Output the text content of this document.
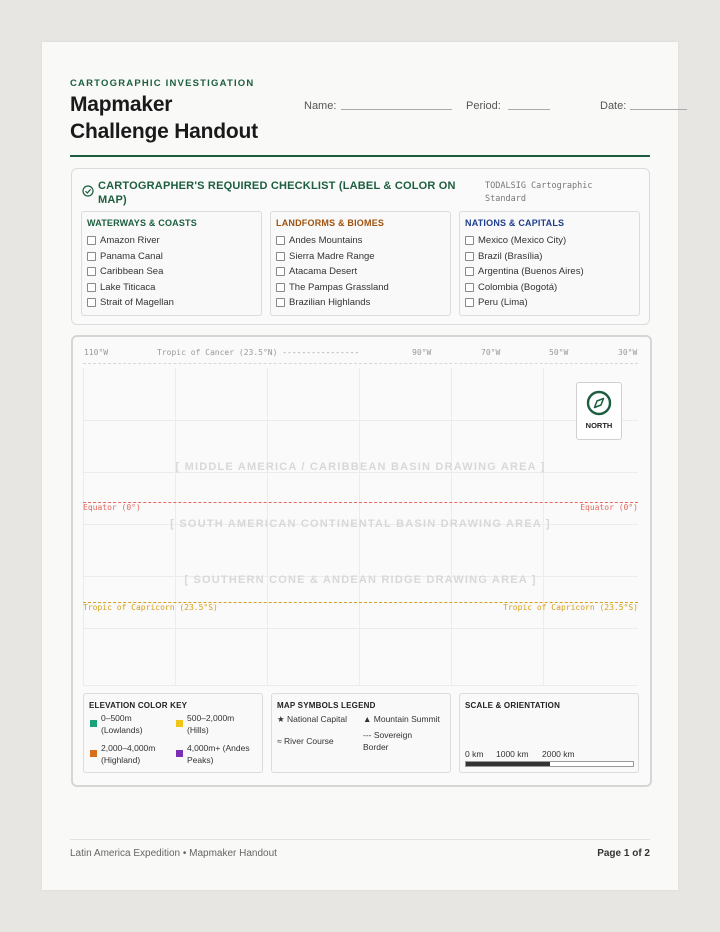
CARTOGRAPHIC INVESTIGATION
Mapmaker
Challenge Handout
Name:	Period:	Date:
CARTOGRAPHER'S REQUIRED CHECKLIST (LABEL & COLOR ON MAP)
TODALSIG Cartographic Standard
WATERWAYS & COASTS
Amazon River
Panama Canal
Caribbean Sea
Lake Titicaca
Strait of Magellan
LANDFORMS & BIOMES
Andes Mountains
Sierra Madre Range
Atacama Desert
The Pampas Grassland
Brazilian Highlands
NATIONS & CAPITALS
Mexico (Mexico City)
Brazil (Brasília)
Argentina (Buenos Aires)
Colombia (Bogotá)
Peru (Lima)
110°W	Tropic of Cancer (23.5°N) ----------------	90°W	70°W	50°W	30°W
[ MIDDLE AMERICA / CARIBBEAN BASIN DRAWING AREA ]
[ SOUTH AMERICAN CONTINENTAL BASIN DRAWING AREA ]
[ SOUTHERN CONE & ANDEAN RIDGE DRAWING AREA ]
Equator (0°)	Equator (0°)
Tropic of Capricorn (23.5°S)	Tropic of Capricorn (23.5°S)
NORTH
ELEVATION COLOR KEY
0–500m (Lowlands)
500–2,000m (Hills)
2,000–4,000m (Highland)
4,000m+ (Andes Peaks)
MAP SYMBOLS LEGEND
★ National Capital ▲ Mountain Summit
≈ River Course
--- Sovereign Border
SCALE & ORIENTATION
0 km 1000 km 2000 km
Latin America Expedition • Mapmaker Handout	Page 1 of 2
